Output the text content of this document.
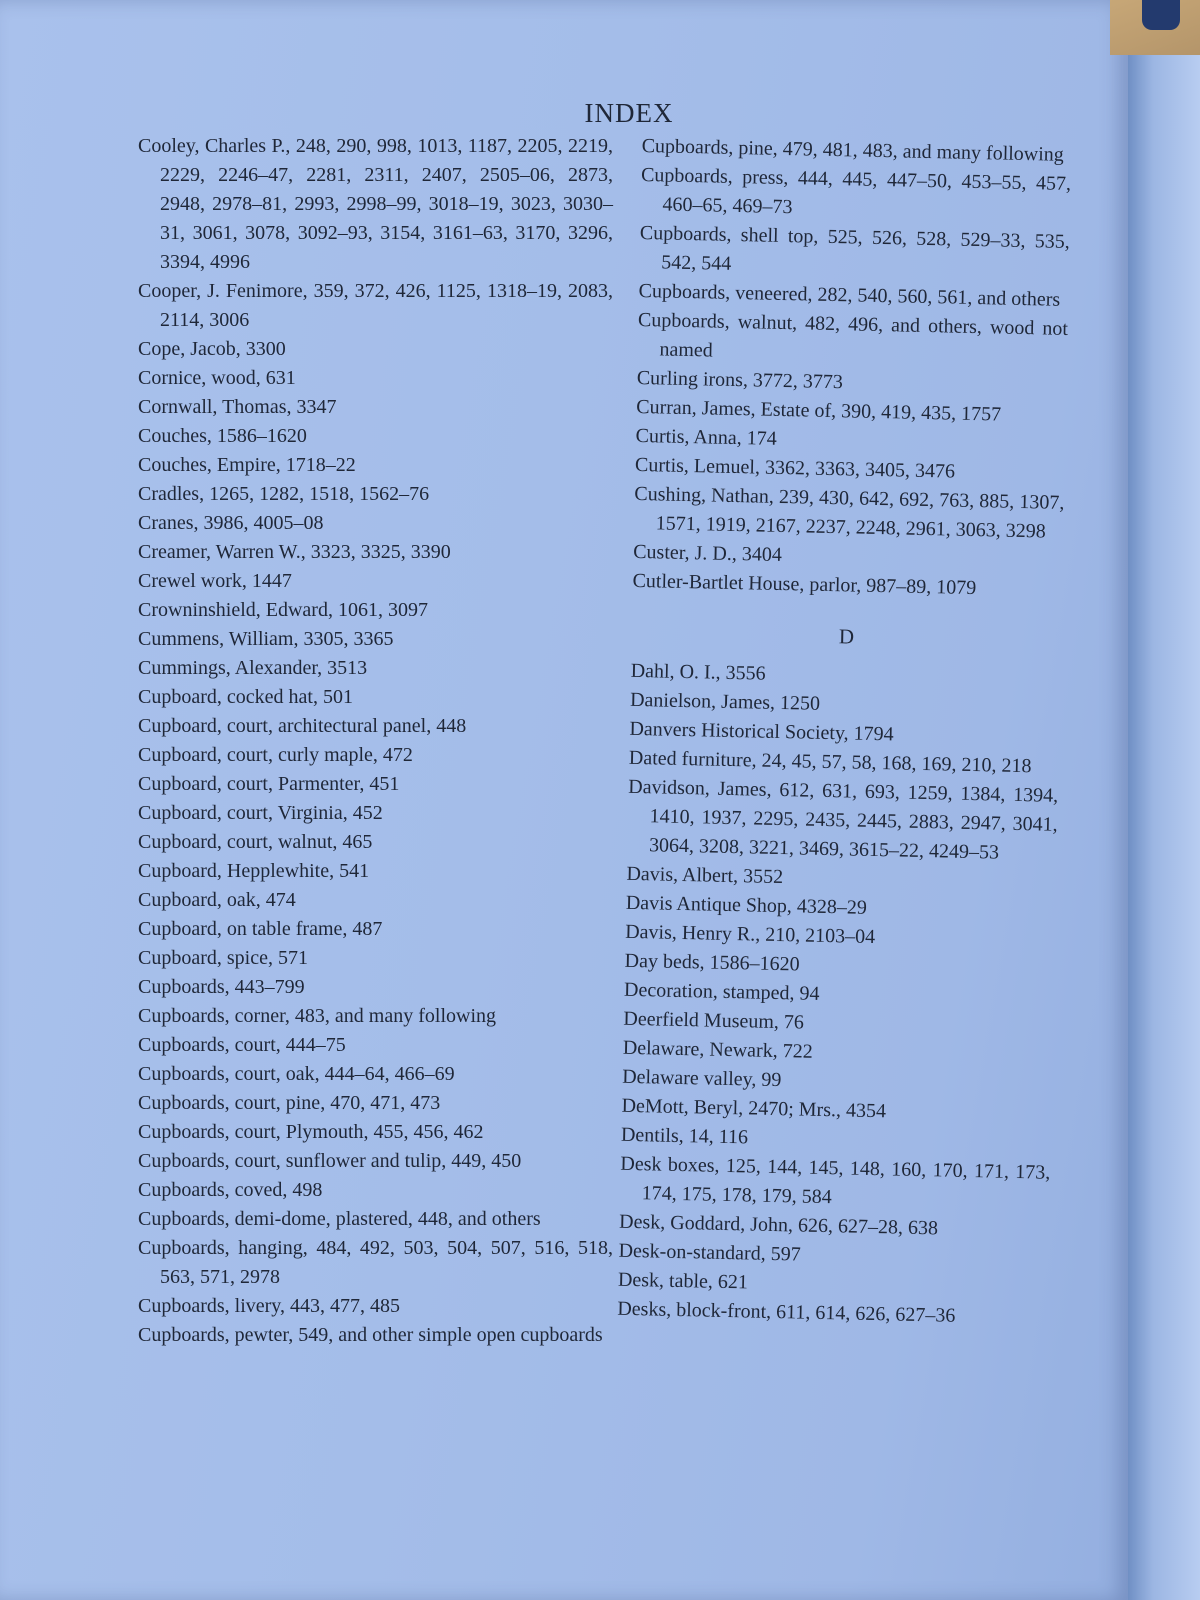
INDEX

Cooley, Charles P., 248, 290, 998, 1013, 1187, 2205, 2219, 2229, 2246–47, 2281, 2311, 2407, 2505–06, 2873, 2948, 2978–81, 2993, 2998–99, 3018–19, 3023, 3030–31, 3061, 3078, 3092–93, 3154, 3161–63, 3170, 3296, 3394, 4996

Cooper, J. Fenimore, 359, 372, 426, 1125, 1318–19, 2083, 2114, 3006

Cope, Jacob, 3300

Cornice, wood, 631

Cornwall, Thomas, 3347

Couches, 1586–1620

Couches, Empire, 1718–22

Cradles, 1265, 1282, 1518, 1562–76

Cranes, 3986, 4005–08

Creamer, Warren W., 3323, 3325, 3390

Crewel work, 1447

Crowninshield, Edward, 1061, 3097

Cummens, William, 3305, 3365

Cummings, Alexander, 3513

Cupboard, cocked hat, 501

Cupboard, court, architectural panel, 448

Cupboard, court, curly maple, 472

Cupboard, court, Parmenter, 451

Cupboard, court, Virginia, 452

Cupboard, court, walnut, 465

Cupboard, Hepplewhite, 541

Cupboard, oak, 474

Cupboard, on table frame, 487

Cupboard, spice, 571

Cupboards, 443–799

Cupboards, corner, 483, and many following

Cupboards, court, 444–75

Cupboards, court, oak, 444–64, 466–69

Cupboards, court, pine, 470, 471, 473

Cupboards, court, Plymouth, 455, 456, 462

Cupboards, court, sunflower and tulip, 449, 450

Cupboards, coved, 498

Cupboards, demi-dome, plastered, 448, and others

Cupboards, hanging, 484, 492, 503, 504, 507, 516, 518, 563, 571, 2978

Cupboards, livery, 443, 477, 485

Cupboards, pewter, 549, and other simple open cupboards

Cupboards, pine, 479, 481, 483, and many following

Cupboards, press, 444, 445, 447–50, 453–55, 457, 460–65, 469–73

Cupboards, shell top, 525, 526, 528, 529–33, 535, 542, 544

Cupboards, veneered, 282, 540, 560, 561, and others

Cupboards, walnut, 482, 496, and others, wood not named

Curling irons, 3772, 3773

Curran, James, Estate of, 390, 419, 435, 1757

Curtis, Anna, 174

Curtis, Lemuel, 3362, 3363, 3405, 3476

Cushing, Nathan, 239, 430, 642, 692, 763, 885, 1307, 1571, 1919, 2167, 2237, 2248, 2961, 3063, 3298

Custer, J. D., 3404

Cutler-Bartlet House, parlor, 987–89, 1079

D

Dahl, O. I., 3556

Danielson, James, 1250

Danvers Historical Society, 1794

Dated furniture, 24, 45, 57, 58, 168, 169, 210, 218

Davidson, James, 612, 631, 693, 1259, 1384, 1394, 1410, 1937, 2295, 2435, 2445, 2883, 2947, 3041, 3064, 3208, 3221, 3469, 3615–22, 4249–53

Davis, Albert, 3552

Davis Antique Shop, 4328–29

Davis, Henry R., 210, 2103–04

Day beds, 1586–1620

Decoration, stamped, 94

Deerfield Museum, 76

Delaware, Newark, 722

Delaware valley, 99

DeMott, Beryl, 2470; Mrs., 4354

Dentils, 14, 116

Desk boxes, 125, 144, 145, 148, 160, 170, 171, 173, 174, 175, 178, 179, 584

Desk, Goddard, John, 626, 627–28, 638

Desk-on-standard, 597

Desk, table, 621

Desks, block-front, 611, 614, 626, 627–36
